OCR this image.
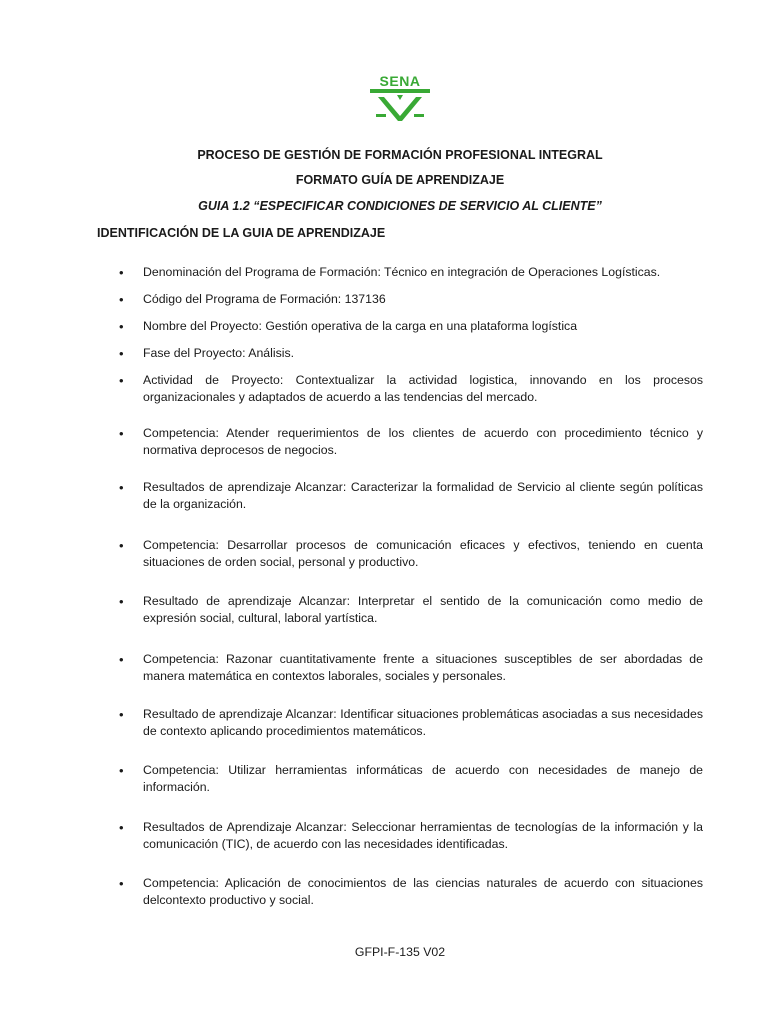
SENA
PROCESO DE GESTIÓN DE FORMACIÓN PROFESIONAL INTEGRAL
FORMATO GUÍA DE APRENDIZAJE
GUIA 1.2 “ESPECIFICAR CONDICIONES DE SERVICIO AL CLIENTE”
IDENTIFICACIÓN DE LA GUIA DE APRENDIZAJE
• Denominación del Programa de Formación: Técnico en integración de Operaciones Logísticas.
• Código del Programa de Formación: 137136
• Nombre del Proyecto: Gestión operativa de la carga en una plataforma logística
• Fase del Proyecto: Análisis.
• Actividad de Proyecto: Contextualizar la actividad logistica, innovando en los procesos organizacionales y adaptados de acuerdo a las tendencias del mercado.
• Competencia: Atender requerimientos de los clientes de acuerdo con procedimiento técnico y normativa deprocesos de negocios.
• Resultados de aprendizaje Alcanzar: Caracterizar la formalidad de Servicio al cliente según políticas de la organización.
• Competencia: Desarrollar procesos de comunicación eficaces y efectivos, teniendo en cuenta situaciones de orden social, personal y productivo.
• Resultado de aprendizaje Alcanzar: Interpretar el sentido de la comunicación como medio de expresión social, cultural, laboral yartística.
• Competencia: Razonar cuantitativamente frente a situaciones susceptibles de ser abordadas de manera matemática en contextos laborales, sociales y personales.
• Resultado de aprendizaje Alcanzar: Identificar situaciones problemáticas asociadas a sus necesidades de contexto aplicando procedimientos matemáticos.
• Competencia: Utilizar herramientas informáticas de acuerdo con necesidades de manejo de información.
• Resultados de Aprendizaje Alcanzar: Seleccionar herramientas de tecnologías de la información y la comunicación (TIC), de acuerdo con las necesidades identificadas.
• Competencia: Aplicación de conocimientos de las ciencias naturales de acuerdo con situaciones delcontexto productivo y social.
GFPI-F-135 V02
